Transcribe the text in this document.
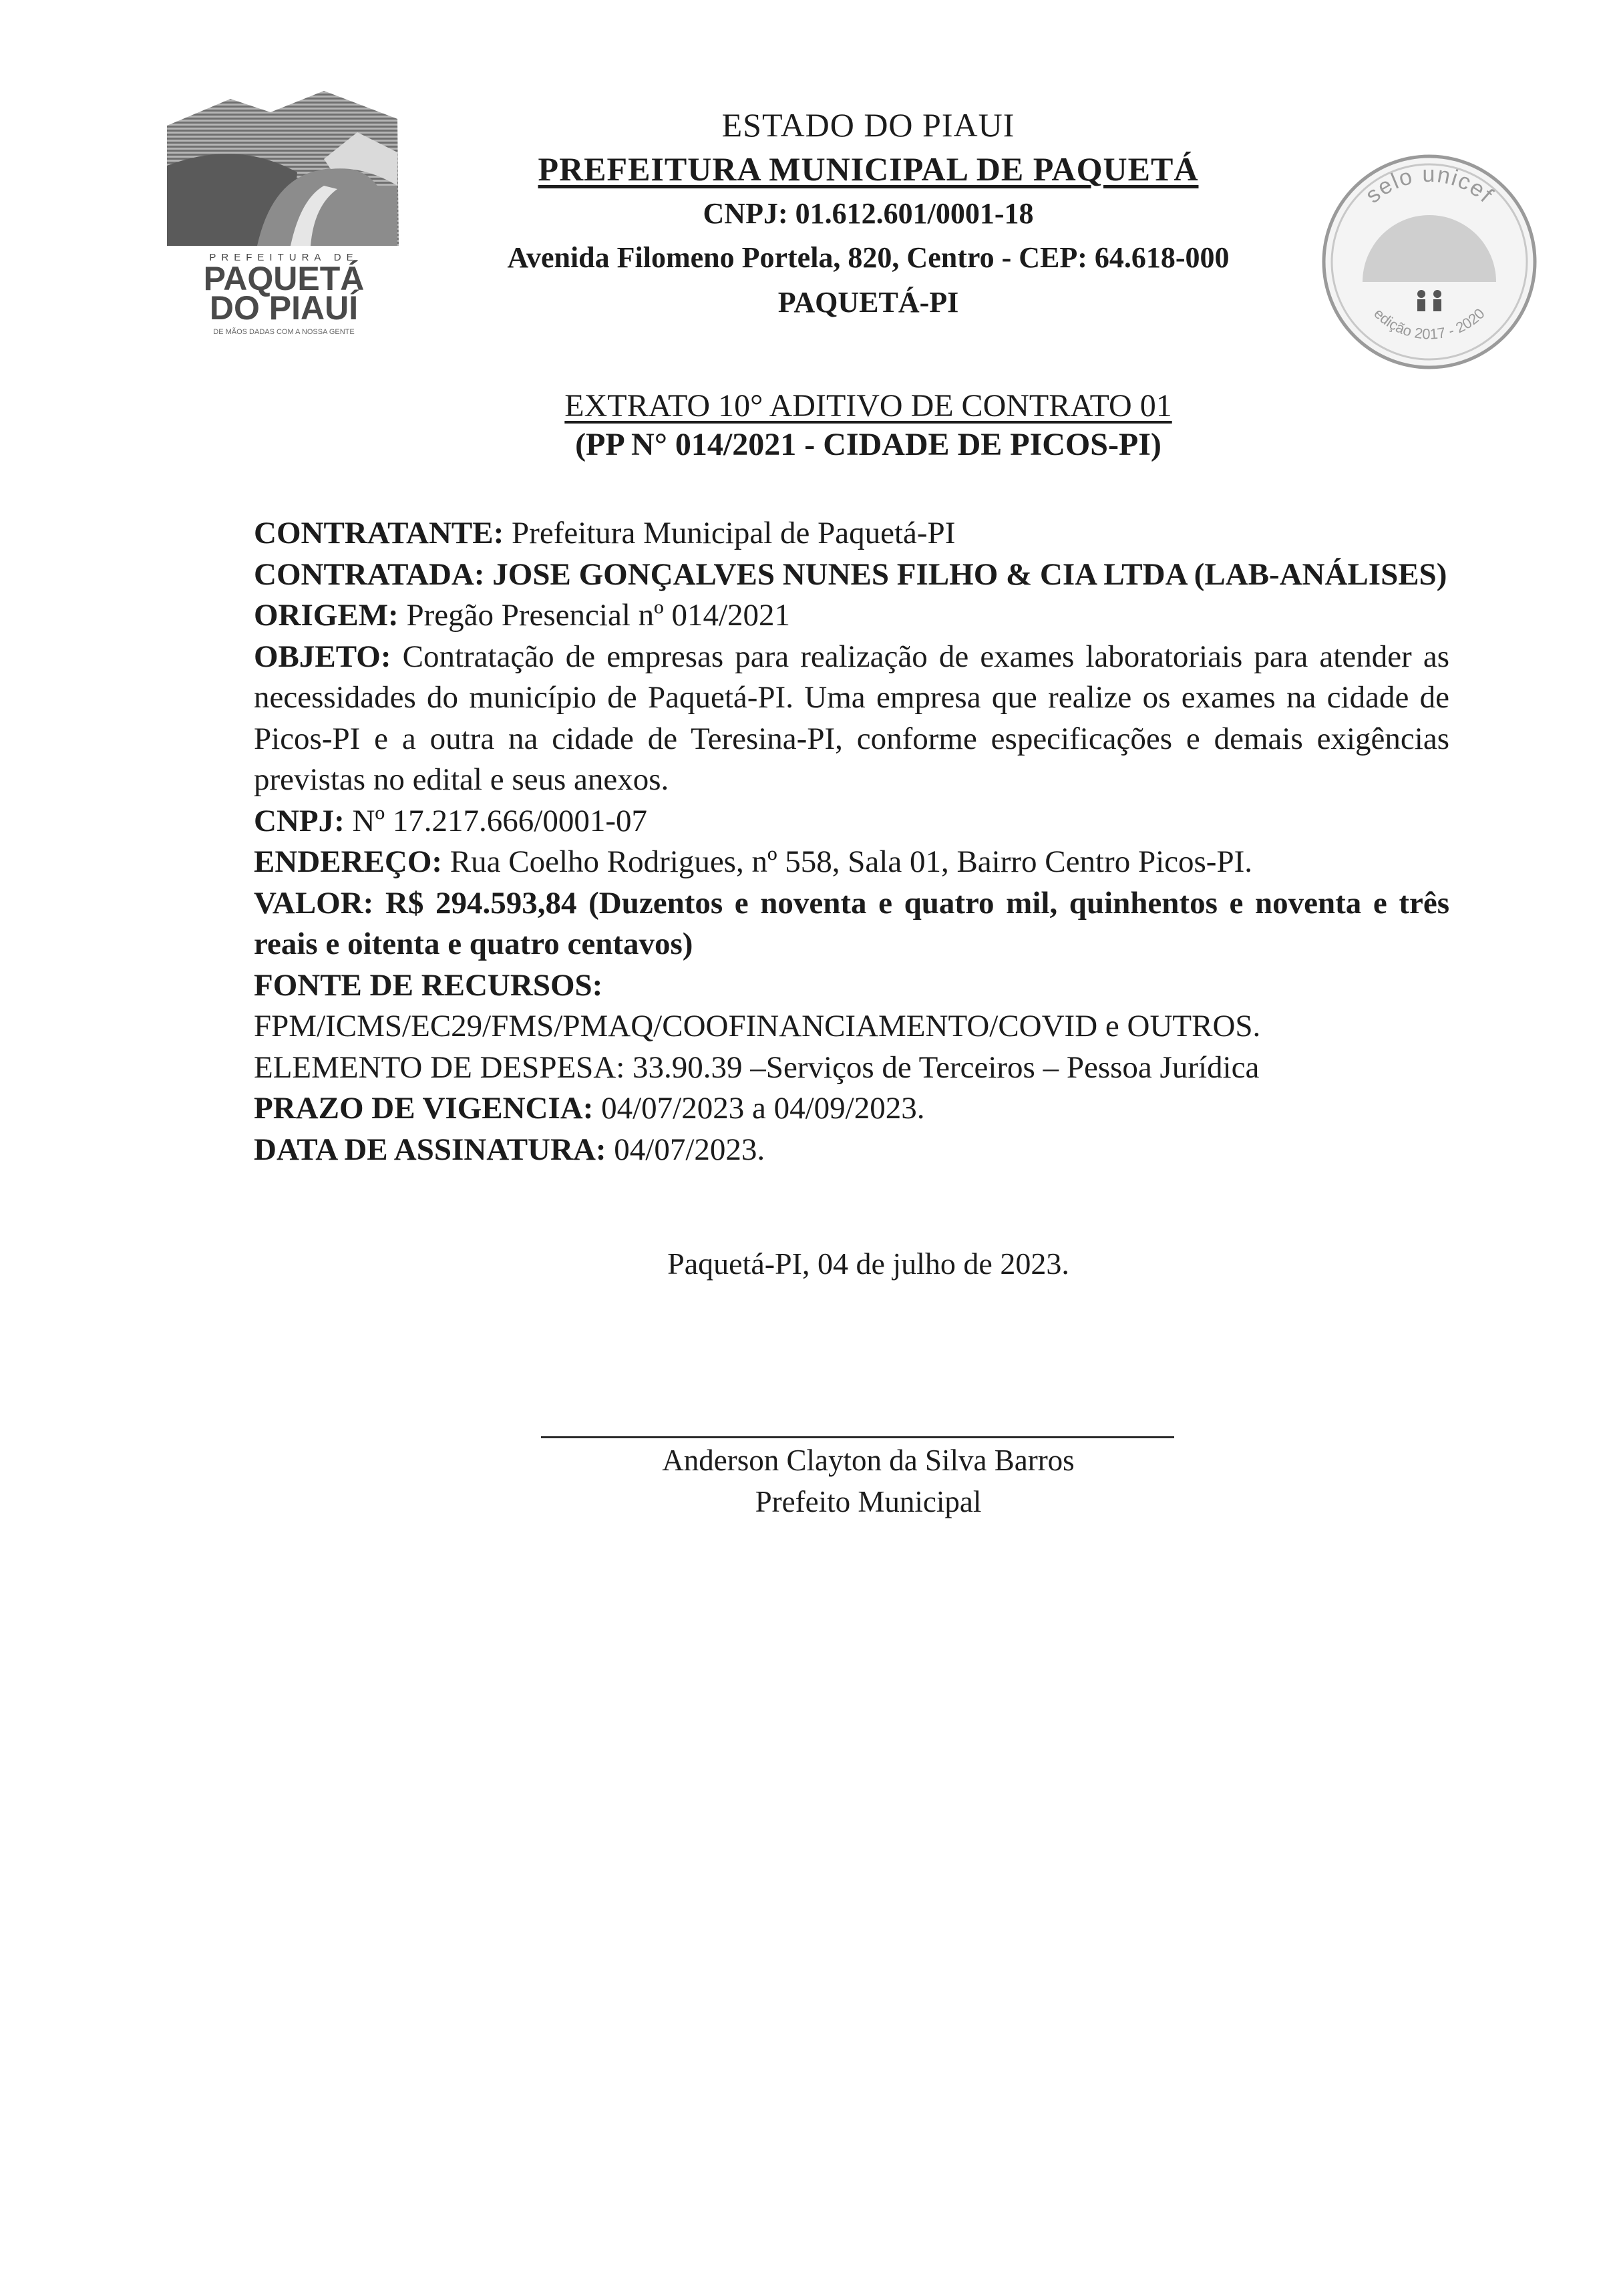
PREFEITURA DE
PAQUETÁ
DO PIAUÍ
DE MÃOS DADAS COM A NOSSA GENTE
selo unicef
edição 2017 - 2020
ESTADO DO PIAUI
PREFEITURA MUNICIPAL DE PAQUETÁ
CNPJ: 01.612.601/0001-18
Avenida Filomeno Portela, 820, Centro - CEP: 64.618-000
PAQUETÁ-PI
EXTRATO 10° ADITIVO DE CONTRATO 01
(PP N° 014/2021 - CIDADE DE PICOS-PI)

CONTRATANTE: Prefeitura Municipal de Paquetá-PI

CONTRATADA: JOSE GONÇALVES NUNES FILHO & CIA LTDA (LAB-ANÁLISES)

ORIGEM: Pregão Presencial nº 014/2021

OBJETO: Contratação de empresas para realização de exames laboratoriais para atender as necessidades do município de Paquetá-PI. Uma empresa que realize os exames na cidade de Picos-PI e a outra na cidade de Teresina-PI, conforme especificações e demais exigências previstas no edital e seus anexos.

CNPJ: Nº 17.217.666/0001-07

ENDEREÇO: Rua Coelho Rodrigues, nº 558, Sala 01, Bairro Centro Picos-PI.

VALOR: R$ 294.593,84 (Duzentos e noventa e quatro mil, quinhentos e noventa e três reais e oitenta e quatro centavos)

FONTE DE RECURSOS:

FPM/ICMS/EC29/FMS/PMAQ/COOFINANCIAMENTO/COVID e OUTROS.

ELEMENTO DE DESPESA: 33.90.39 –Serviços de Terceiros – Pessoa Jurídica

PRAZO DE VIGENCIA: 04/07/2023 a 04/09/2023.

DATA DE ASSINATURA: 04/07/2023.

Paquetá-PI, 04 de julho de 2023.
Anderson Clayton da Silva Barros
Prefeito Municipal
